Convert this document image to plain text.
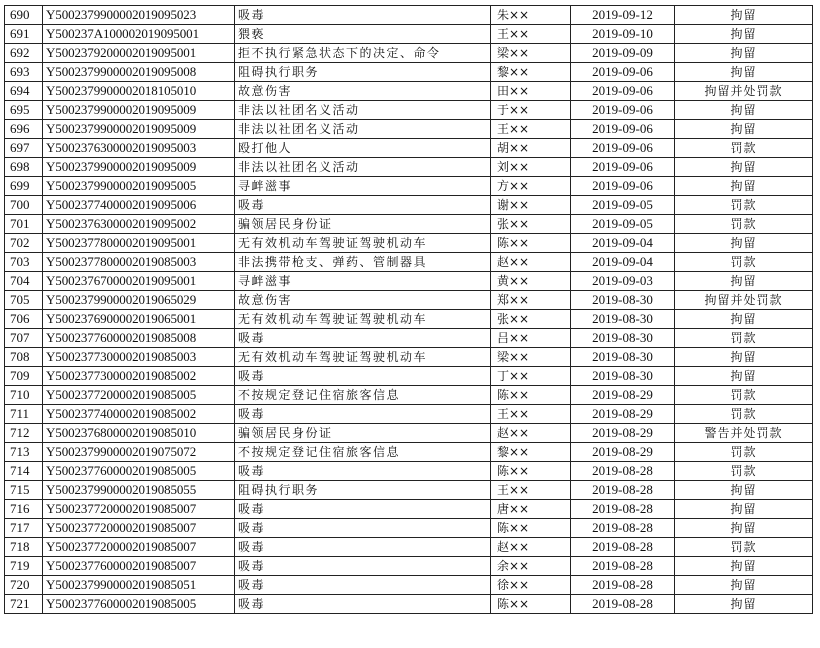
690	Y5002379900002019095023	吸毒	朱××	2019-09-12	拘留
691	Y500237A100002019095001	猥亵	王××	2019-09-10	拘留
692	Y5002379200002019095001	拒不执行紧急状态下的决定、命令	梁××	2019-09-09	拘留
693	Y5002379900002019095008	阻碍执行职务	黎××	2019-09-06	拘留
694	Y5002379900002018105010	故意伤害	田××	2019-09-06	拘留并处罚款
695	Y5002379900002019095009	非法以社团名义活动	于××	2019-09-06	拘留
696	Y5002379900002019095009	非法以社团名义活动	王××	2019-09-06	拘留
697	Y5002376300002019095003	殴打他人	胡××	2019-09-06	罚款
698	Y5002379900002019095009	非法以社团名义活动	刘××	2019-09-06	拘留
699	Y5002379900002019095005	寻衅滋事	方××	2019-09-06	拘留
700	Y5002377400002019095006	吸毒	谢××	2019-09-05	罚款
701	Y5002376300002019095002	骗领居民身份证	张××	2019-09-05	罚款
702	Y5002377800002019095001	无有效机动车驾驶证驾驶机动车	陈××	2019-09-04	拘留
703	Y5002377800002019085003	非法携带枪支、弹药、管制器具	赵××	2019-09-04	罚款
704	Y5002376700002019095001	寻衅滋事	黄××	2019-09-03	拘留
705	Y5002379900002019065029	故意伤害	郑××	2019-08-30	拘留并处罚款
706	Y5002376900002019065001	无有效机动车驾驶证驾驶机动车	张××	2019-08-30	拘留
707	Y5002377600002019085008	吸毒	吕××	2019-08-30	罚款
708	Y5002377300002019085003	无有效机动车驾驶证驾驶机动车	梁××	2019-08-30	拘留
709	Y5002377300002019085002	吸毒	丁××	2019-08-30	拘留
710	Y5002377200002019085005	不按规定登记住宿旅客信息	陈××	2019-08-29	罚款
711	Y5002377400002019085002	吸毒	王××	2019-08-29	罚款
712	Y5002376800002019085010	骗领居民身份证	赵××	2019-08-29	警告并处罚款
713	Y5002379900002019075072	不按规定登记住宿旅客信息	黎××	2019-08-29	罚款
714	Y5002377600002019085005	吸毒	陈××	2019-08-28	罚款
715	Y5002379900002019085055	阻碍执行职务	王××	2019-08-28	拘留
716	Y5002377200002019085007	吸毒	唐××	2019-08-28	拘留
717	Y5002377200002019085007	吸毒	陈××	2019-08-28	拘留
718	Y5002377200002019085007	吸毒	赵××	2019-08-28	罚款
719	Y5002377600002019085007	吸毒	余××	2019-08-28	拘留
720	Y5002379900002019085051	吸毒	徐××	2019-08-28	拘留
721	Y5002377600002019085005	吸毒	陈××	2019-08-28	拘留
